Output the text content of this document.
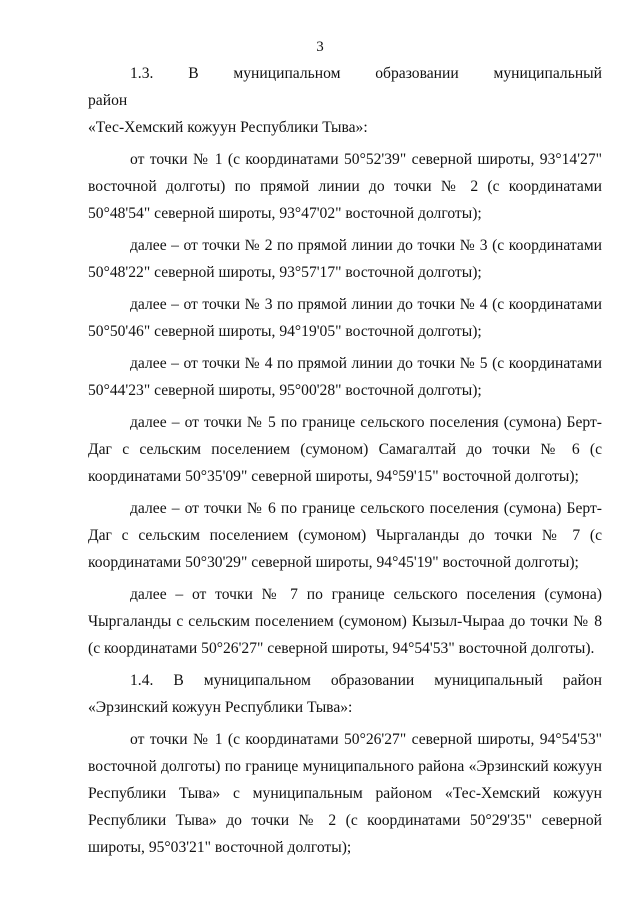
3

1.3.      В      муниципальном      образовании      муниципальный      район

«Тес-Хемский кожуун Республики Тыва»:

от точки № 1 (с координатами 50°52'39" северной широты, 93°14'27" восточной долготы) по прямой линии до точки № 2 (с координатами 50°48'54" северной широты, 93°47'02" восточной долготы);

далее – от точки № 2 по прямой линии до точки № 3 (с координатами 50°48'22" северной широты, 93°57'17" восточной долготы);

далее – от точки № 3 по прямой линии до точки № 4 (с координатами 50°50'46" северной широты, 94°19'05" восточной долготы);

далее – от точки № 4 по прямой линии до точки № 5 (с координатами 50°44'23" северной широты, 95°00'28" восточной долготы);

далее – от точки № 5 по границе сельского поселения (сумона) Берт-Даг с сельским поселением (сумоном) Самагалтай до точки № 6 (с координатами 50°35'09" северной широты, 94°59'15" восточной долготы);

далее – от точки № 6 по границе сельского поселения (сумона) Берт-Даг с сельским поселением (сумоном) Чыргаланды до точки № 7 (с координатами 50°30'29" северной широты, 94°45'19" восточной долготы);

далее – от точки № 7 по границе сельского поселения (сумона) Чыргаланды с сельским поселением (сумоном) Кызыл-Чыраа до точки № 8 (с координатами 50°26'27" северной широты, 94°54'53" восточной долготы).

1.4. В муниципальном образовании муниципальный район «Эрзинский кожуун Республики Тыва»:

от точки № 1 (с координатами 50°26'27" северной широты, 94°54'53" восточной долготы) по границе муниципального района «Эрзинский кожуун Республики Тыва» с муниципальным районом «Тес-Хемский кожуун Республики Тыва» до точки № 2 (с координатами 50°29'35" северной широты, 95°03'21" восточной долготы);
